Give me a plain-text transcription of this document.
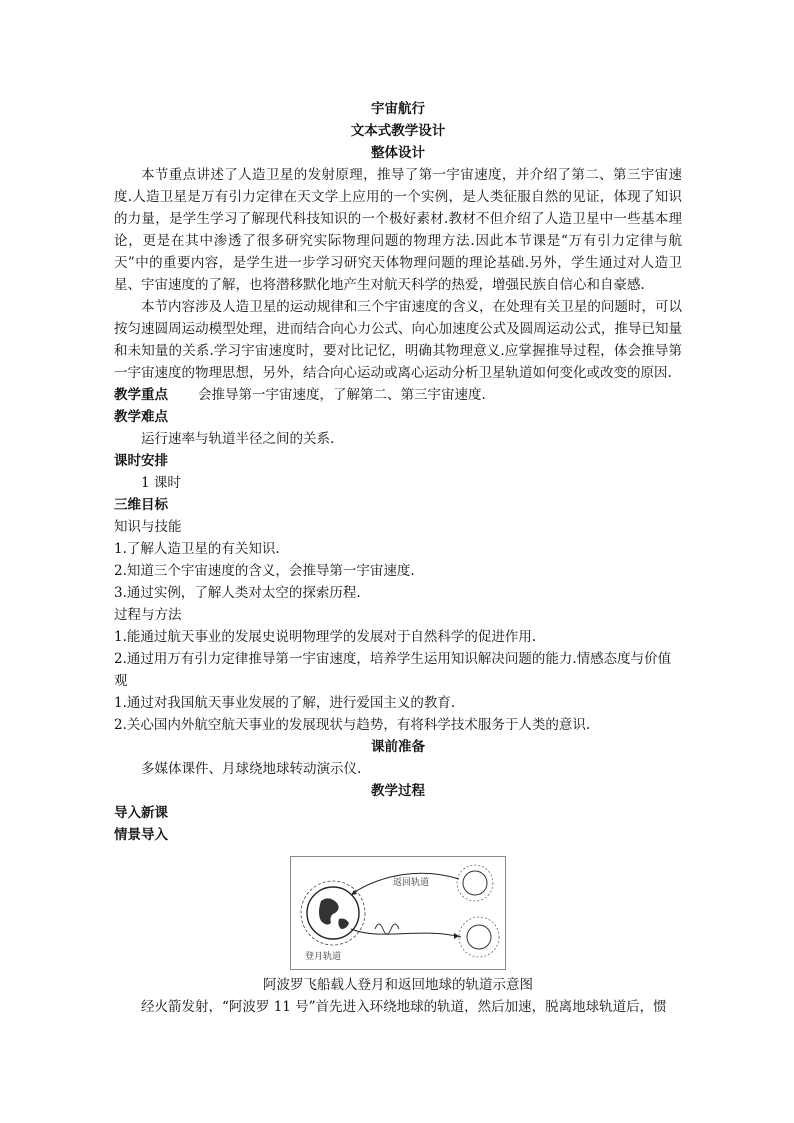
宇宙航行
文本式教学设计
整体设计

本节重点讲述了人造卫星的发射原理，推导了第一宇宙速度，并介绍了第二、第三宇宙速度.人造卫星是万有引力定律在天文学上应用的一个实例，是人类征服自然的见证，体现了知识的力量，是学生学习了解现代科技知识的一个极好素材.教材不但介绍了人造卫星中一些基本理论，更是在其中渗透了很多研究实际物理问题的物理方法.因此本节课是“万有引力定律与航天”中的重要内容，是学生进一步学习研究天体物理问题的理论基础.另外，学生通过对人造卫星、宇宙速度的了解，也将潜移默化地产生对航天科学的热爱，增强民族自信心和自豪感.

本节内容涉及人造卫星的运动规律和三个宇宙速度的含义，在处理有关卫星的问题时，可以按匀速圆周运动模型处理，进而结合向心力公式、向心加速度公式及圆周运动公式，推导已知量和未知量的关系.学习宇宙速度时，要对比记忆，明确其物理意义.应掌握推导过程，体会推导第一宇宙速度的物理思想，另外，结合向心运动或离心运动分析卫星轨道如何变化或改变的原因.

教学重点 会推导第一宇宙速度，了解第二、第三宇宙速度.

教学难点

运行速率与轨道半径之间的关系.

课时安排

1 课时

三维目标

知识与技能

1.了解人造卫星的有关知识.

2.知道三个宇宙速度的含义，会推导第一宇宙速度.

3.通过实例，了解人类对太空的探索历程.

过程与方法

1.能通过航天事业的发展史说明物理学的发展对于自然科学的促进作用.

2.通过用万有引力定律推导第一宇宙速度，培养学生运用知识解决问题的能力.情感态度与价值观

1.通过对我国航天事业发展的了解，进行爱国主义的教育.

2.关心国内外航空航天事业的发展现状与趋势，有将科学技术服务于人类的意识.

课前准备

多媒体课件、月球绕地球转动演示仪.

教学过程

导入新课

情景导入

返回轨道
登月轨道

阿波罗飞船载人登月和返回地球的轨道示意图

经火箭发射，“阿波罗 11 号”首先进入环绕地球的轨道，然后加速，脱离地球轨道后，惯
